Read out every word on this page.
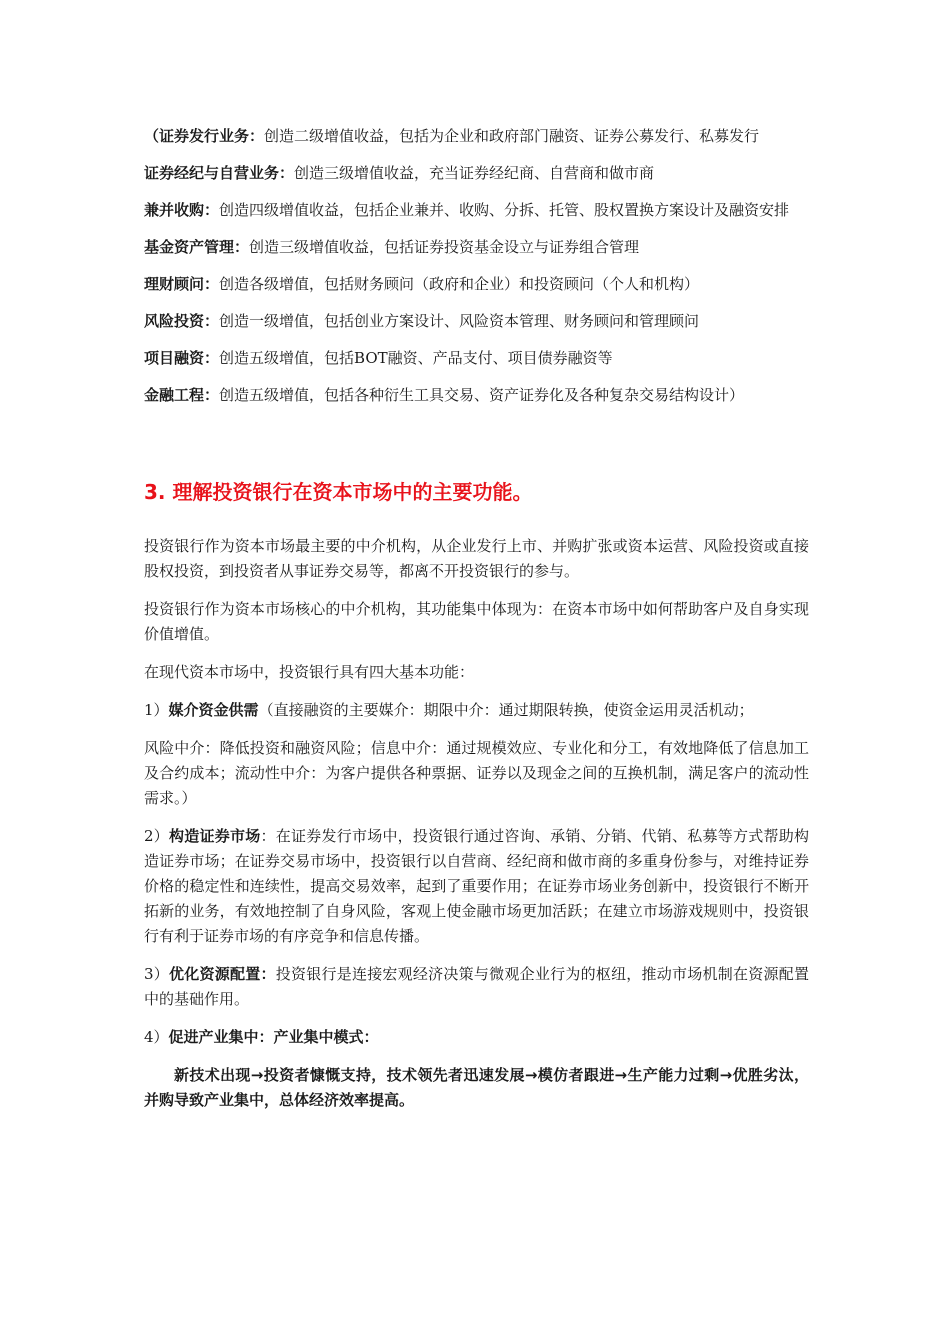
（证券发行业务：创造二级增值收益，包括为企业和政府部门融资、证券公募发行、私募发行

证券经纪与自营业务：创造三级增值收益，充当证券经纪商、自营商和做市商

兼并收购：创造四级增值收益，包括企业兼并、收购、分拆、托管、股权置换方案设计及融资安排

基金资产管理：创造三级增值收益，包括证券投资基金设立与证券组合管理

理财顾问：创造各级增值，包括财务顾问（政府和企业）和投资顾问（个人和机构）

风险投资：创造一级增值，包括创业方案设计、风险资本管理、财务顾问和管理顾问

项目融资：创造五级增值，包括BOT融资、产品支付、项目债券融资等

金融工程：创造五级增值，包括各种衍生工具交易、资产证券化及各种复杂交易结构设计）

3. 理解投资银行在资本市场中的主要功能。

投资银行作为资本市场最主要的中介机构，从企业发行上市、并购扩张或资本运营、风险投资或直接股权投资，到投资者从事证券交易等，都离不开投资银行的参与。

投资银行作为资本市场核心的中介机构，其功能集中体现为：在资本市场中如何帮助客户及自身实现价值增值。

在现代资本市场中，投资银行具有四大基本功能：

1）媒介资金供需（直接融资的主要媒介：期限中介：通过期限转换，使资金运用灵活机动；

风险中介：降低投资和融资风险；信息中介：通过规模效应、专业化和分工，有效地降低了信息加工及合约成本；流动性中介：为客户提供各种票据、证券以及现金之间的互换机制，满足客户的流动性需求。）

2）构造证券市场：在证券发行市场中，投资银行通过咨询、承销、分销、代销、私募等方式帮助构造证券市场；在证券交易市场中，投资银行以自营商、经纪商和做市商的多重身份参与，对维持证券价格的稳定性和连续性，提高交易效率，起到了重要作用；在证券市场业务创新中，投资银行不断开拓新的业务，有效地控制了自身风险，客观上使金融市场更加活跃；在建立市场游戏规则中，投资银行有利于证券市场的有序竞争和信息传播。

3）优化资源配置：投资银行是连接宏观经济决策与微观企业行为的枢纽，推动市场机制在资源配置中的基础作用。

4）促进产业集中：产业集中模式：

新技术出现→投资者慷慨支持，技术领先者迅速发展→模仿者跟进→生产能力过剩→优胜劣汰，并购导致产业集中，总体经济效率提高。
